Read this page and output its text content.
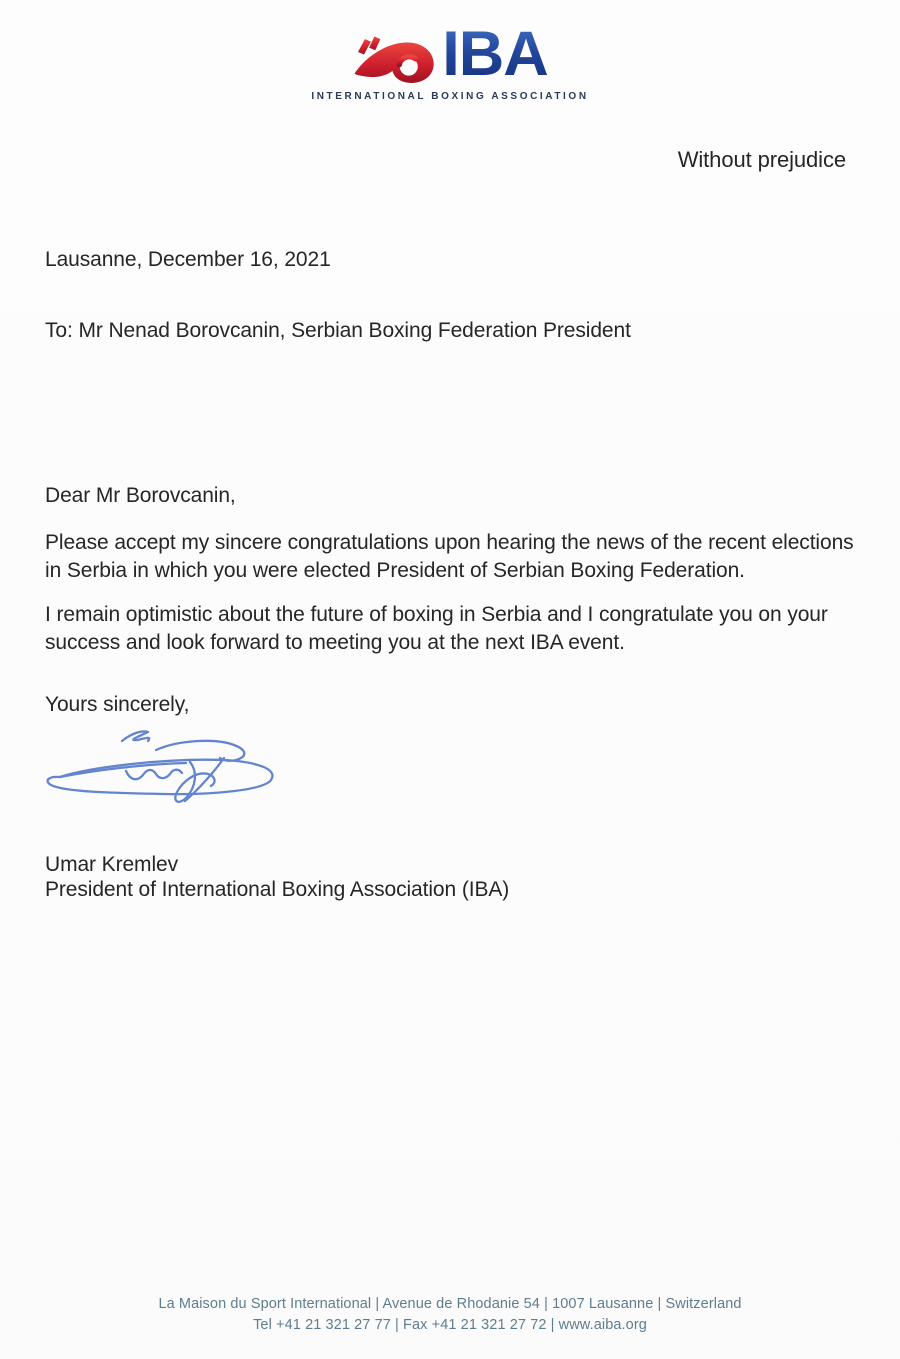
IBA
INTERNATIONAL BOXING ASSOCIATION
Without prejudice
Lausanne, December 16, 2021
To: Mr Nenad Borovcanin, Serbian Boxing Federation President
Dear Mr Borovcanin,
Please accept my sincere congratulations upon hearing the news of the recent elections
in Serbia in which you were elected President of Serbian Boxing Federation.
I remain optimistic about the future of boxing in Serbia and I congratulate you on your
success and look forward to meeting you at the next IBA event.
Yours sincerely,
Umar Kremlev
President of International Boxing Association (IBA)
La Maison du Sport International | Avenue de Rhodanie 54 | 1007 Lausanne | Switzerland
Tel +41 21 321 27 77 | Fax +41 21 321 27 72 | www.aiba.org
